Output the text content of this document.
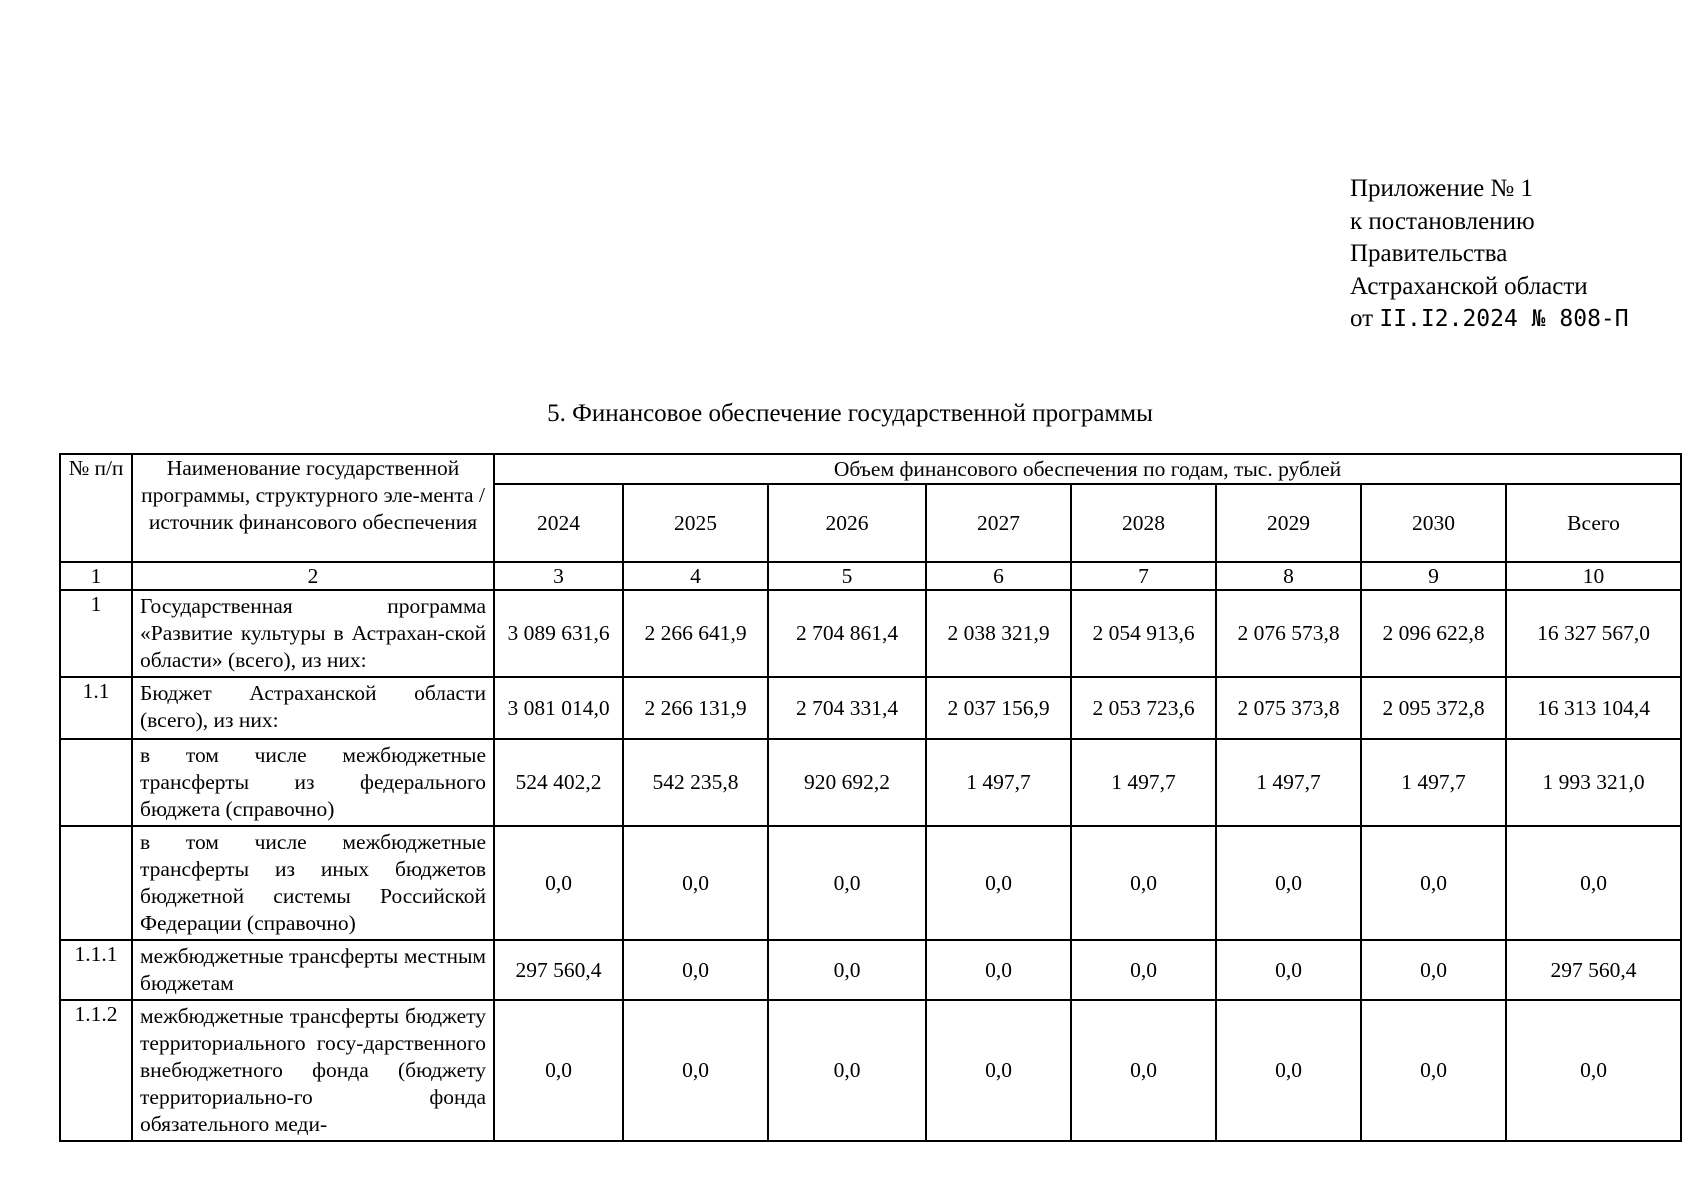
Приложение № 1
к постановлению
Правительства
Астраханской области
от II.I2.2024 № 808-П
5. Финансовое обеспечение государственной программы
№ п/п	Наименование государственной программы, структурного эле-мента / источник финансового обеспечения	Объем финансового обеспечения по годам, тыс. рублей							
		2024	2025	2026	2027	2028	2029	2030	Всего
1	2	3	4	5	6	7	8	9	10
1	Государственная программа «Развитие культуры в Астрахан-ской области» (всего), из них:	3 089 631,6	2 266 641,9	2 704 861,4	2 038 321,9	2 054 913,6	2 076 573,8	2 096 622,8	16 327 567,0
1.1	Бюджет Астраханской области (всего), из них:	3 081 014,0	2 266 131,9	2 704 331,4	2 037 156,9	2 053 723,6	2 075 373,8	2 095 372,8	16 313 104,4
	в том числе межбюджетные трансферты из федерального бюджета (справочно)	524 402,2	542 235,8	920 692,2	1 497,7	1 497,7	1 497,7	1 497,7	1 993 321,0
	в том числе межбюджетные трансферты из иных бюджетов бюджетной системы Российской Федерации (справочно)	0,0	0,0	0,0	0,0	0,0	0,0	0,0	0,0
1.1.1	межбюджетные трансферты местным бюджетам	297 560,4	0,0	0,0	0,0	0,0	0,0	0,0	297 560,4
1.1.2	межбюджетные трансферты бюджету территориального госу-дарственного внебюджетного фонда (бюджету территориально-го фонда обязательного меди-	0,0	0,0	0,0	0,0	0,0	0,0	0,0	0,0
